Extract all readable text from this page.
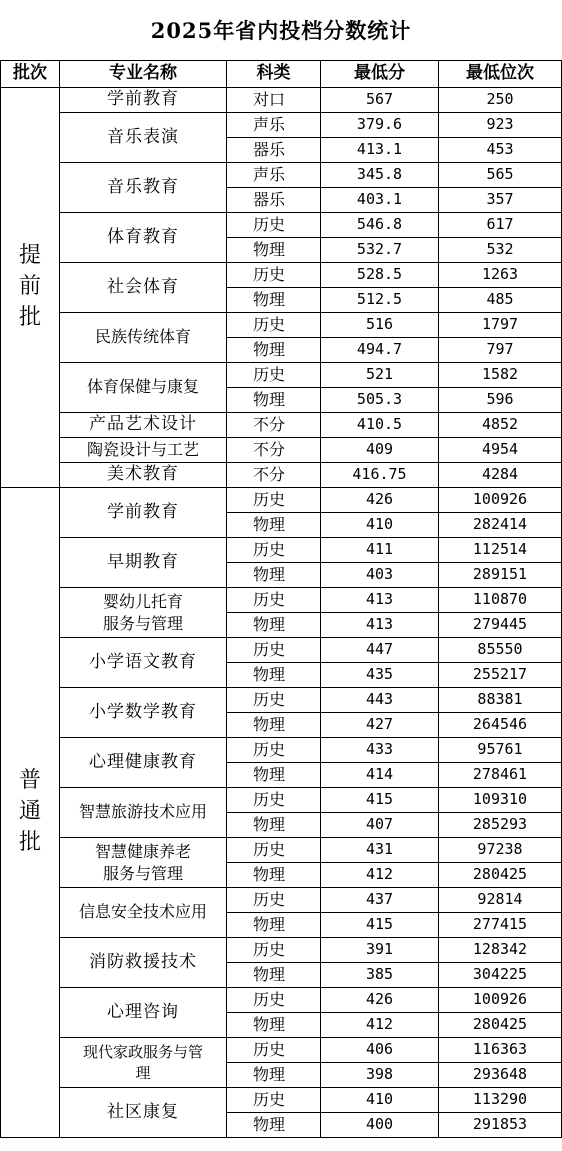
2025年省内投档分数统计
批次	专业名称	科类	最低分	最低位次

提
前
批	学前教育	对口	567	250
	音乐表演	声乐	379.6	923
		器乐	413.1	453
	音乐教育	声乐	345.8	565
		器乐	403.1	357
	体育教育	历史	546.8	617
		物理	532.7	532
	社会体育	历史	528.5	1263
		物理	512.5	485
	民族传统体育	历史	516	1797
		物理	494.7	797
	体育保健与康复	历史	521	1582
		物理	505.3	596
	产品艺术设计	不分	410.5	4852
	陶瓷设计与工艺	不分	409	4954
	美术教育	不分	416.75	4284

普
通
批	学前教育	历史	426	100926
		物理	410	282414
	早期教育	历史	411	112514
		物理	403	289151
	婴幼儿托育
服务与管理	历史	413	110870
		物理	413	279445
	小学语文教育	历史	447	85550
		物理	435	255217
	小学数学教育	历史	443	88381
		物理	427	264546
	心理健康教育	历史	433	95761
		物理	414	278461
	智慧旅游技术应用	历史	415	109310
		物理	407	285293
	智慧健康养老
服务与管理	历史	431	97238
		物理	412	280425
	信息安全技术应用	历史	437	92814
		物理	415	277415
	消防救援技术	历史	391	128342
		物理	385	304225
	心理咨询	历史	426	100926
		物理	412	280425
	现代家政服务与管
理	历史	406	116363
		物理	398	293648
	社区康复	历史	410	113290
		物理	400	291853
